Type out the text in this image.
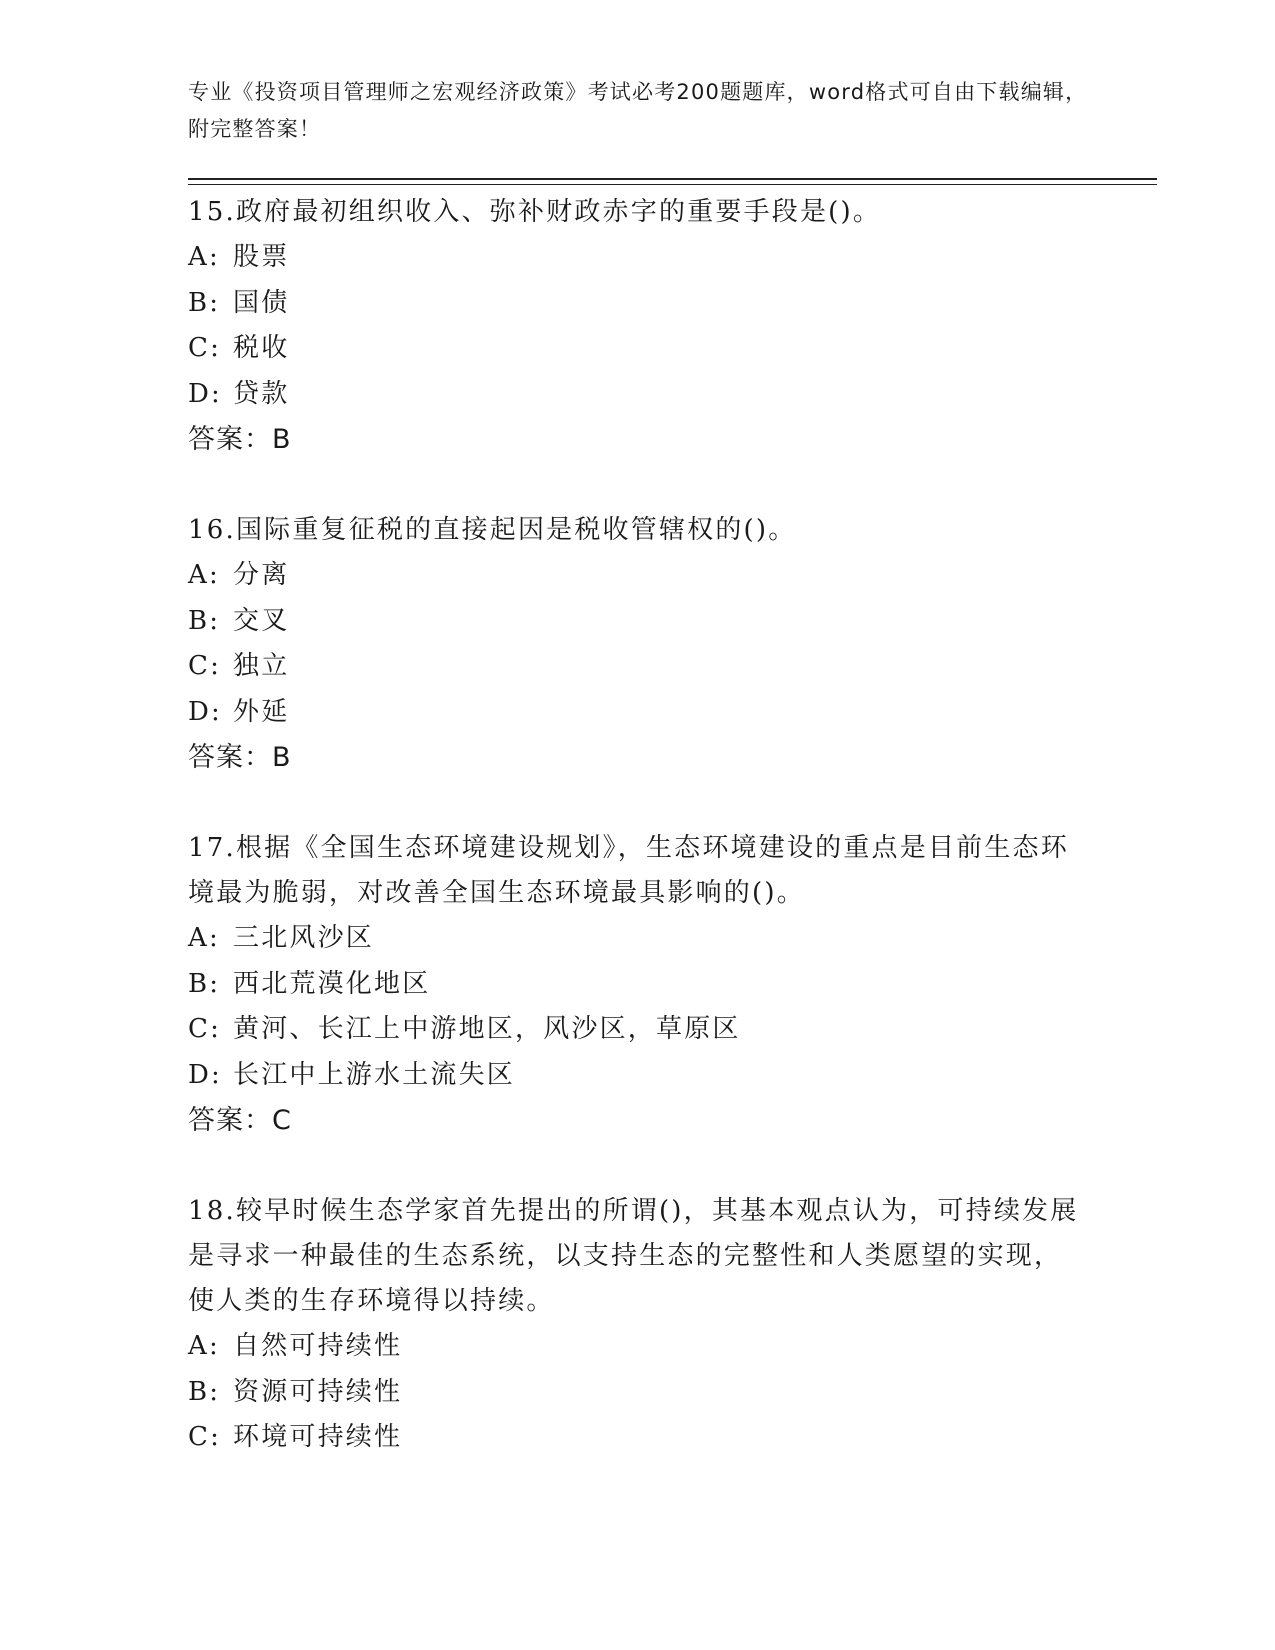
专业《投资项目管理师之宏观经济政策》考试必考200题题库，word格式可自由下载编辑，附完整答案！

15.政府最初组织收入、弥补财政赤字的重要手段是()。

A: 股票

B: 国债

C: 税收

D: 贷款

答案：B

16.国际重复征税的直接起因是税收管辖权的()。

A: 分离

B: 交叉

C: 独立

D: 外延

答案：B

17.根据《全国生态环境建设规划》，生态环境建设的重点是目前生态环境最为脆弱，对改善全国生态环境最具影响的()。

A: 三北风沙区

B: 西北荒漠化地区

C: 黄河、长江上中游地区，风沙区，草原区

D: 长江中上游水土流失区

答案：C

18.较早时候生态学家首先提出的所谓()，其基本观点认为，可持续发展是寻求一种最佳的生态系统，以支持生态的完整性和人类愿望的实现，使人类的生存环境得以持续。

A: 自然可持续性

B: 资源可持续性

C: 环境可持续性
